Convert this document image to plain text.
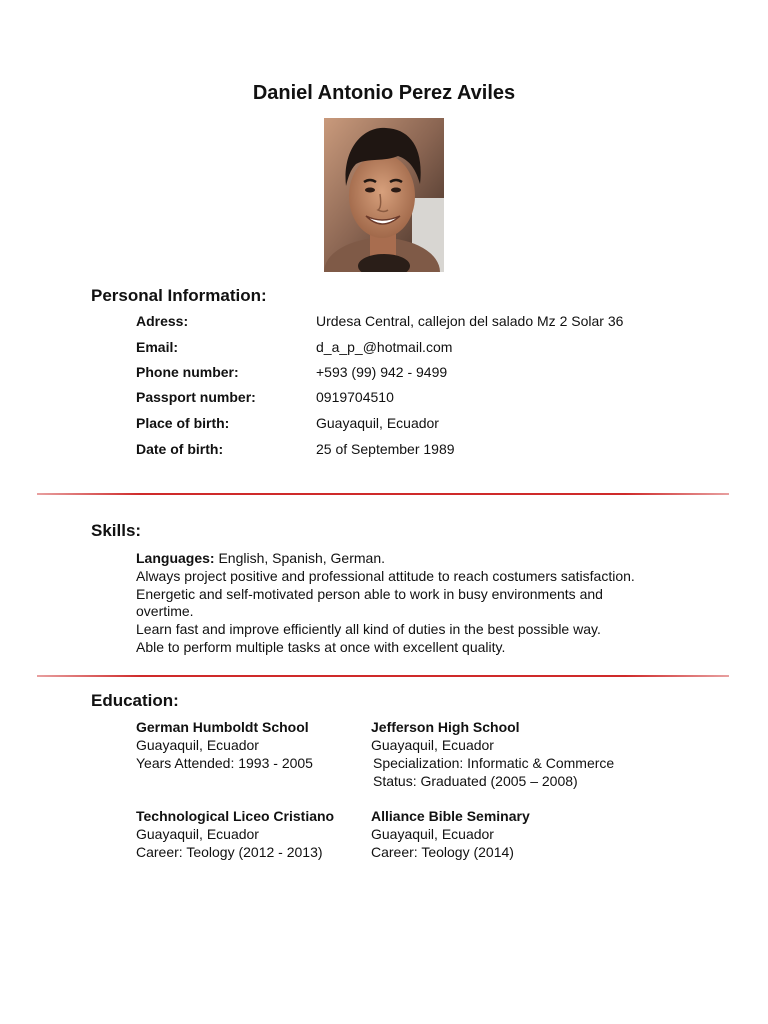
Daniel Antonio Perez Aviles
Personal Information:
Adress:	Urdesa Central, callejon del salado Mz 2 Solar 36
Email:	d_a_p_@hotmail.com
Phone number:	+593 (99) 942 - 9499
Passport number:	0919704510
Place of birth:	Guayaquil, Ecuador
Date of birth:	25 of September 1989
Skills:
Languages: English, Spanish, German.
Always project positive and professional attitude to reach costumers satisfaction.
Energetic and self-motivated person able to work in busy environments and
overtime.
Learn fast and improve efficiently all kind of duties in the best possible way.
Able to perform multiple tasks at once with excellent quality.
Education:
German Humboldt School
Guayaquil, Ecuador
Years Attended: 1993 - 2005
Jefferson High School
Guayaquil, Ecuador
Specialization: Informatic & Commerce
Status: Graduated (2005 – 2008)
Technological Liceo Cristiano
Guayaquil, Ecuador
Career: Teology (2012 - 2013)
Alliance Bible Seminary
Guayaquil, Ecuador
Career: Teology (2014)
